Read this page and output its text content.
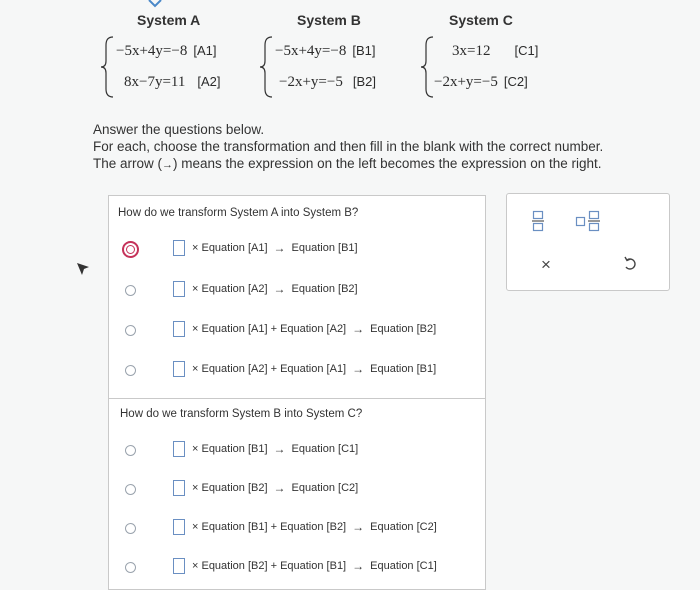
System A	System B	System C
−5x+4y=−8 [A1]
8x−7y=11 [A2]
−5x+4y=−8 [B1]
−2x+y=−5 [B2]
3x=12 [C1]
−2x+y=−5 [C2]
Answer the questions below.
For each, choose the transformation and then fill in the blank with the correct number.
The arrow (→) means the expression on the left becomes the expression on the right.
How do we transform System A into System B?
× Equation [A1] → Equation [B1]
× Equation [A2] → Equation [B2]
× Equation [A1] + Equation [A2] → Equation [B2]
× Equation [A2] + Equation [A1] → Equation [B1]
How do we transform System B into System C?
× Equation [B1] → Equation [C1]
× Equation [B2] → Equation [C2]
× Equation [B1] + Equation [B2] → Equation [C2]
× Equation [B2] + Equation [B1] → Equation [C1]
×
